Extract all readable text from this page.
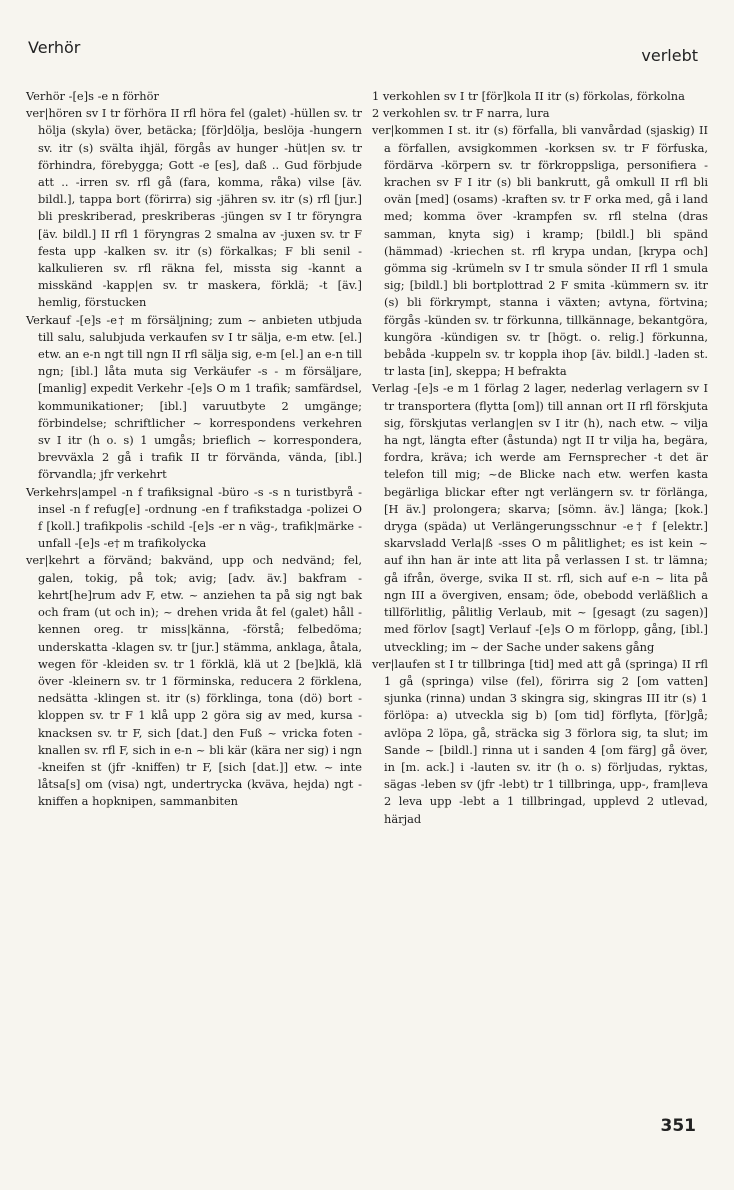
Verhör	verlebt

Verhör -[e]s -e n förhör

ver|hören sv I tr förhöra II rfl höra fel (galet) -hüllen sv. tr hölja (skyla) över, betäcka; [för]dölja, beslöja -hungern sv. itr (s) svälta ihjäl, förgås av hunger -hüt|en sv. tr förhindra, förebygga; Gott -e [es], daß .. Gud förbjude att .. -irren sv. rfl gå (fara, komma, råka) vilse [äv. bildl.], tappa bort (förirra) sig -jähren sv. itr (s) rfl [jur.] bli preskriberad, preskriberas -jüngen sv I tr föryngra [äv. bildl.] II rfl 1 föryngras 2 smalna av -juxen sv. tr F festa upp -kalken sv. itr (s) förkalkas; F bli senil -kalkulieren sv. rfl räkna fel, missta sig -kannt a misskänd -kapp|en sv. tr maskera, förklä; -t [äv.] hemlig, förstucken

Verkauf -[e]s -e† m försäljning; zum ~ anbieten utbjuda till salu, salubjuda verkaufen sv I tr sälja, e-m etw. [el.] etw. an e-n ngt till ngn II rfl sälja sig, e-m [el.] an e-n till ngn; [ibl.] låta muta sig Verkäufer -s - m försäljare, [manlig] expedit Verkehr -[e]s O m 1 trafik; samfärdsel, kommunikationer; [ibl.] varuutbyte 2 umgänge; förbindelse; schriftlicher ~ korrespondens verkehren sv I itr (h o. s) 1 umgås; brieflich ~ korrespondera, brevväxla 2 gå i trafik II tr förvända, vända, [ibl.] förvandla; jfr verkehrt

Verkehrs|ampel -n f trafiksignal -büro -s -s n turistbyrå -insel -n f refug[e] -ordnung -en f trafikstadga -polizei O f [koll.] trafikpolis -schild -[e]s -er n väg-, trafik|märke -unfall -[e]s -e† m trafikolycka

ver|kehrt a förvänd; bakvänd, upp och nedvänd; fel, galen, tokig, på tok; avig; [adv. äv.] bakfram -kehrt[he]rum adv F, etw. ~ anziehen ta på sig ngt bak och fram (ut och in); ~ drehen vrida åt fel (galet) håll -kennen oreg. tr miss|känna, -förstå; felbedöma; underskatta -klagen sv. tr [jur.] stämma, anklaga, åtala, wegen för -kleiden sv. tr 1 förklä, klä ut 2 [be]klä, klä över -kleinern sv. tr 1 förminska, reducera 2 förklena, nedsätta -klingen st. itr (s) förklinga, tona (dö) bort -kloppen sv. tr F 1 klå upp 2 göra sig av med, kursa -knacksen sv. tr F, sich [dat.] den Fuß ~ vricka foten -knallen sv. rfl F, sich in e-n ~ bli kär (kära ner sig) i ngn -kneifen st (jfr -kniffen) tr F, [sich [dat.]] etw. ~ inte låtsa[s] om (visa) ngt, undertrycka (kväva, hejda) ngt -kniffen a hopknipen, sammanbiten

1 verkohlen sv I tr [för]kola II itr (s) förkolas, förkolna

2 verkohlen sv. tr F narra, lura

ver|kommen I st. itr (s) förfalla, bli vanvårdad (sjaskig) II a förfallen, avsigkommen -korksen sv. tr F förfuska, fördärva -körpern sv. tr förkroppsliga, personifiera -krachen sv F I itr (s) bli bankrutt, gå omkull II rfl bli ovän [med] (osams) -kraften sv. tr F orka med, gå i land med; komma över -krampfen sv. rfl stelna (dras samman, knyta sig) i kramp; [bildl.] bli spänd (hämmad) -kriechen st. rfl krypa undan, [krypa och] gömma sig -krümeln sv I tr smula sönder II rfl 1 smula sig; [bildl.] bli bortplottrad 2 F smita -kümmern sv. itr (s) bli förkrympt, stanna i växten; avtyna, förtvina; förgås -künden sv. tr förkunna, tillkännage, bekantgöra, kungöra -kündigen sv. tr [högt. o. relig.] förkunna, bebåda -kuppeln sv. tr koppla ihop [äv. bildl.] -laden st. tr lasta [in], skeppa; H befrakta

Verlag -[e]s -e m 1 förlag 2 lager, nederlag verlagern sv I tr transportera (flytta [om]) till annan ort II rfl förskjuta sig, förskjutas verlang|en sv I itr (h), nach etw. ~ vilja ha ngt, längta efter (åstunda) ngt II tr vilja ha, begära, fordra, kräva; ich werde am Fernsprecher -t det är telefon till mig; ~de Blicke nach etw. werfen kasta begärliga blickar efter ngt verlängern sv. tr förlänga, [H äv.] prolongera; skarva; [sömn. äv.] länga; [kok.] dryga (späda) ut Verlängerungsschnur -e† f [elektr.] skarvsladd Verla|ß -sses O m pålitlighet; es ist kein ~ auf ihn han är inte att lita på verlassen I st. tr lämna; gå ifrån, överge, svika II st. rfl, sich auf e-n ~ lita på ngn III a övergiven, ensam; öde, obebodd verläßlich a tillförlitlig, pålitlig Verlaub, mit ~ [gesagt (zu sagen)] med förlov [sagt] Verlauf -[e]s O m förlopp, gång, [ibl.] utveckling; im ~ der Sache under sakens gång

ver|laufen st I tr tillbringa [tid] med att gå (springa) II rfl 1 gå (springa) vilse (fel), förirra sig 2 [om vatten] sjunka (rinna) undan 3 skingra sig, skingras III itr (s) 1 förlöpa: a) utveckla sig b) [om tid] förflyta, [för]gå; avlöpa 2 löpa, gå, sträcka sig 3 förlora sig, ta slut; im Sande ~ [bildl.] rinna ut i sanden 4 [om färg] gå över, in [m. ack.] i -lauten sv. itr (h o. s) förljudas, ryktas, sägas -leben sv (jfr -lebt) tr 1 tillbringa, upp-, fram|leva 2 leva upp -lebt a 1 tillbringad, upplevd 2 utlevad, härjad

351
